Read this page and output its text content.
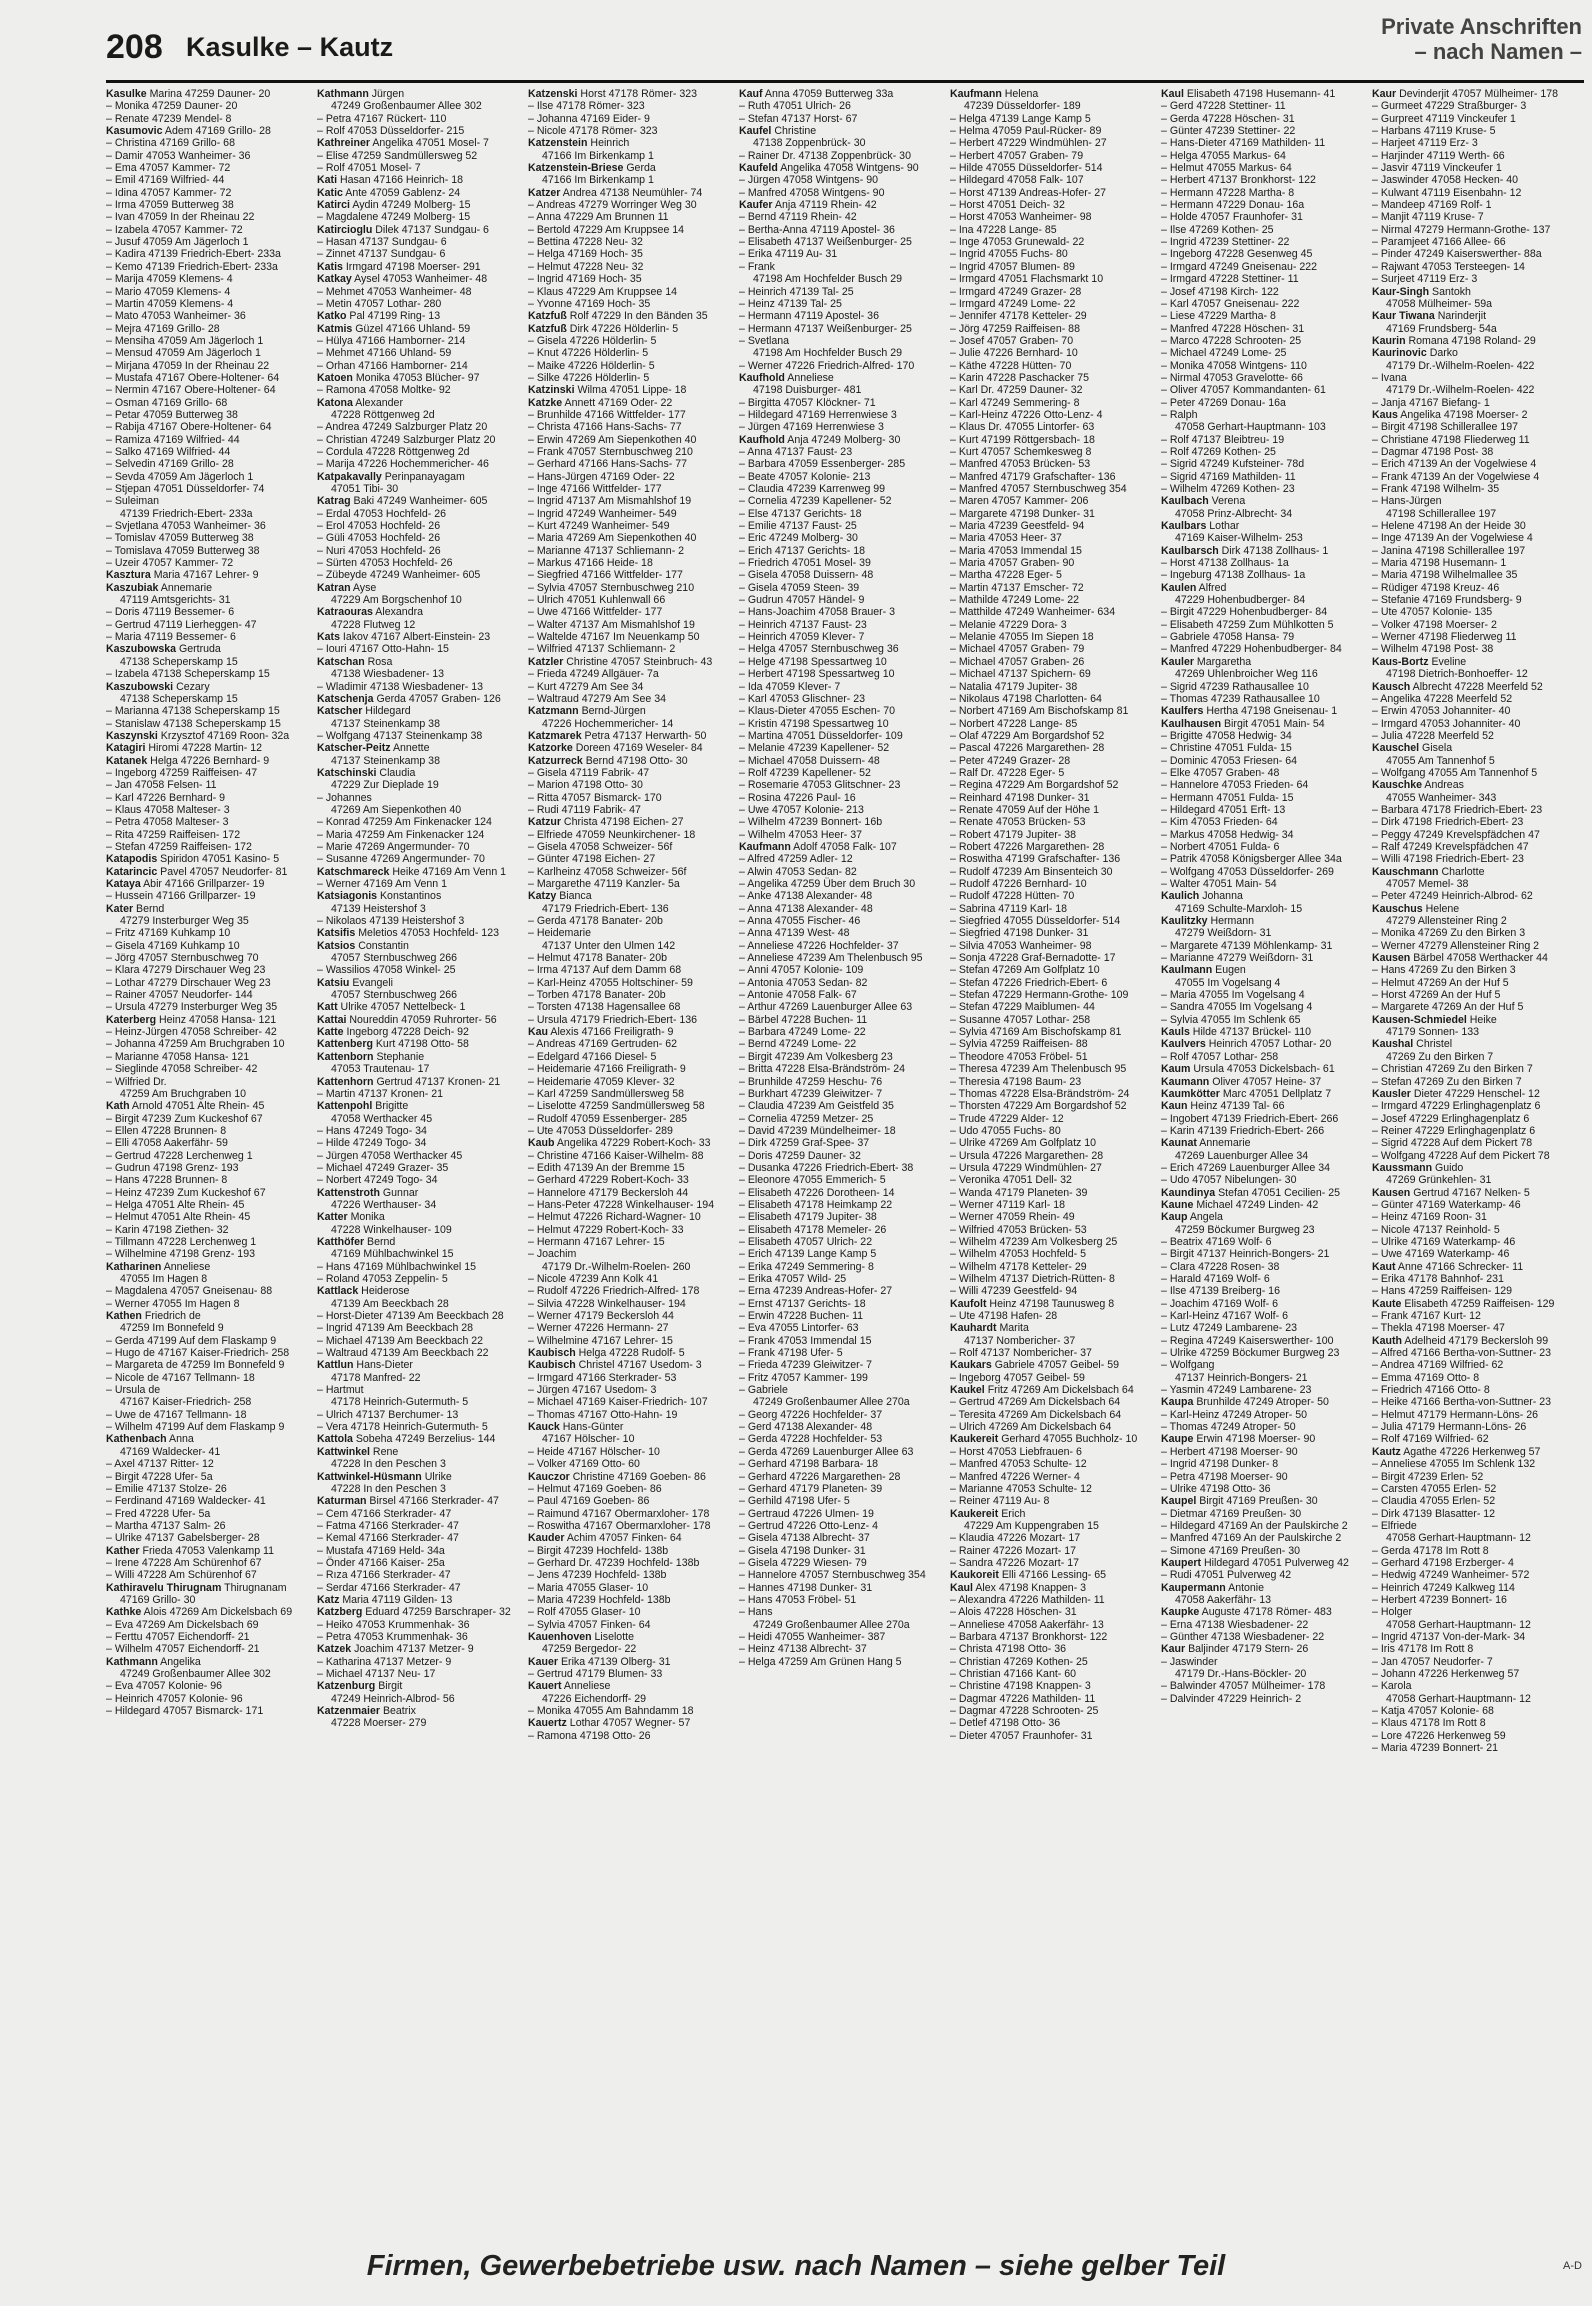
208 Kasulke – Kautz
Private Anschriften
– nach Namen –
Kasulke Marina 47259 Dauner- 20
– Monika 47259 Dauner- 20
– Renate 47239 Mendel- 8
Kasumovic Adem 47169 Grillo- 28
– Christina 47169 Grillo- 68
– Damir 47053 Wanheimer- 36
– Ema 47057 Kammer- 72
– Emil 47169 Wilfried- 44
– Idina 47057 Kammer- 72
– Irma 47059 Butterweg 38
– Ivan 47059 In der Rheinau 22
– Izabela 47057 Kammer- 72
– Jusuf 47059 Am Jägerloch 1
– Kadira 47139 Friedrich-Ebert- 233a
– Kemo 47139 Friedrich-Ebert- 233a
– Marija 47059 Klemens- 4
– Mario 47059 Klemens- 4
– Martin 47059 Klemens- 4
– Mato 47053 Wanheimer- 36
– Mejra 47169 Grillo- 28
– Mensiha 47059 Am Jägerloch 1
– Mensud 47059 Am Jägerloch 1
– Mirjana 47059 In der Rheinau 22
– Mustafa 47167 Obere-Holtener- 64
– Nermin 47167 Obere-Holtener- 64
– Osman 47169 Grillo- 68
– Petar 47059 Butterweg 38
– Rabija 47167 Obere-Holtener- 64
– Ramiza 47169 Wilfried- 44
– Salko 47169 Wilfried- 44
– Selvedin 47169 Grillo- 28
– Sevda 47059 Am Jägerloch 1
– Stjepan 47051 Düsseldorfer- 74
– Suleiman
47139 Friedrich-Ebert- 233a
– Svjetlana 47053 Wanheimer- 36
– Tomislav 47059 Butterweg 38
– Tomislava 47059 Butterweg 38
– Uzeir 47057 Kammer- 72
Kasztura Maria 47167 Lehrer- 9
Kaszubiak Annemarie
47119 Amtsgerichts- 31
– Doris 47119 Bessemer- 6
– Gertrud 47119 Lierheggen- 47
– Maria 47119 Bessemer- 6
Kaszubowska Gertruda
47138 Scheperskamp 15
– Izabela 47138 Scheperskamp 15
Kaszubowski Cezary
47138 Scheperskamp 15
– Marianna 47138 Scheperskamp 15
– Stanislaw 47138 Scheperskamp 15
Kaszynski Krzysztof 47169 Roon- 32a
Katagiri Hiromi 47228 Martin- 12
Katanek Helga 47226 Bernhard- 9
– Ingeborg 47259 Raiffeisen- 47
– Jan 47058 Felsen- 11
– Karl 47226 Bernhard- 9
– Klaus 47058 Malteser- 3
– Petra 47058 Malteser- 3
– Rita 47259 Raiffeisen- 172
– Stefan 47259 Raiffeisen- 172
Katapodis Spiridon 47051 Kasino- 5
Katarincic Pavel 47057 Neudorfer- 81
Kataya Abir 47166 Grillparzer- 19
– Hussein 47166 Grillparzer- 19
Kater Bernd
47279 Insterburger Weg 35
– Fritz 47169 Kuhkamp 10
– Gisela 47169 Kuhkamp 10
– Jörg 47057 Sternbuschweg 70
– Klara 47279 Dirschauer Weg 23
– Lothar 47279 Dirschauer Weg 23
– Rainer 47057 Neudorfer- 144
– Ursula 47279 Insterburger Weg 35
Katerberg Heinz 47058 Hansa- 121
– Heinz-Jürgen 47058 Schreiber- 42
– Johanna 47259 Am Bruchgraben 10
– Marianne 47058 Hansa- 121
– Sieglinde 47058 Schreiber- 42
– Wilfried Dr.
47259 Am Bruchgraben 10
Kath Arnold 47051 Alte Rhein- 45
– Birgit 47239 Zum Kuckeshof 67
– Ellen 47228 Brunnen- 8
– Elli 47058 Aakerfähr- 59
– Gertrud 47228 Lerchenweg 1
– Gudrun 47198 Grenz- 193
– Hans 47228 Brunnen- 8
– Heinz 47239 Zum Kuckeshof 67
– Helga 47051 Alte Rhein- 45
– Helmut 47051 Alte Rhein- 45
– Karin 47198 Ziethen- 32
– Tillmann 47228 Lerchenweg 1
– Wilhelmine 47198 Grenz- 193
Katharinen Anneliese
47055 Im Hagen 8
– Magdalena 47057 Gneisenau- 88
– Werner 47055 Im Hagen 8
Kathen Friedrich de
47259 Im Bonnefeld 9
– Gerda 47199 Auf dem Flaskamp 9
– Hugo de 47167 Kaiser-Friedrich- 258
– Margareta de 47259 Im Bonnefeld 9
– Nicole de 47167 Tellmann- 18
– Ursula de
47167 Kaiser-Friedrich- 258
– Uwe de 47167 Tellmann- 18
– Wilhelm 47199 Auf dem Flaskamp 9
Kathenbach Anna
47169 Waldecker- 41
– Axel 47137 Ritter- 12
– Birgit 47228 Ufer- 5a
– Emilie 47137 Stolze- 26
– Ferdinand 47169 Waldecker- 41
– Fred 47228 Ufer- 5a
– Martha 47137 Salm- 26
– Ulrike 47137 Gabelsberger- 28
Kather Frieda 47053 Valenkamp 11
– Irene 47228 Am Schürenhof 67
– Willi 47228 Am Schürenhof 67
Kathiravelu Thirugnam Thirugnanam
47169 Grillo- 30
Kathke Alois 47269 Am Dickelsbach 69
– Eva 47269 Am Dickelsbach 69
– Ferttu 47057 Eichendorff- 21
– Wilhelm 47057 Eichendorff- 21
Kathmann Angelika
47249 Großenbaumer Allee 302
– Eva 47057 Kolonie- 96
– Heinrich 47057 Kolonie- 96
– Hildegard 47057 Bismarck- 171
Kathmann Jürgen
47249 Großenbaumer Allee 302
– Petra 47167 Rückert- 110
– Rolf 47053 Düsseldorfer- 215
Kathreiner Angelika 47051 Mosel- 7
– Elise 47259 Sandmüllersweg 52
– Rolf 47051 Mosel- 7
Kati Hasan 47166 Heinrich- 18
Katic Ante 47059 Gablenz- 24
Katirci Aydin 47249 Molberg- 15
– Magdalene 47249 Molberg- 15
Katircioglu Dilek 47137 Sundgau- 6
– Hasan 47137 Sundgau- 6
– Zinnet 47137 Sundgau- 6
Katis Irmgard 47198 Moerser- 291
Katkay Aysel 47053 Wanheimer- 48
– Mehmet 47053 Wanheimer- 48
– Metin 47057 Lothar- 280
Katko Pal 47199 Ring- 13
Katmis Güzel 47166 Uhland- 59
– Hülya 47166 Hamborner- 214
– Mehmet 47166 Uhland- 59
– Orhan 47166 Hamborner- 214
Katoen Monika 47053 Blücher- 97
– Ramona 47058 Moltke- 92
Katona Alexander
47228 Röttgenweg 2d
– Andrea 47249 Salzburger Platz 20
– Christian 47249 Salzburger Platz 20
– Cordula 47228 Röttgenweg 2d
– Marija 47226 Hochemmericher- 46
Katpakavally Perinpanayagam
47051 Tibi- 30
Katrag Baki 47249 Wanheimer- 605
– Erdal 47053 Hochfeld- 26
– Erol 47053 Hochfeld- 26
– Güli 47053 Hochfeld- 26
– Nuri 47053 Hochfeld- 26
– Sürten 47053 Hochfeld- 26
– Zübeyde 47249 Wanheimer- 605
Katran Ayse
47229 Am Borgschenhof 10
Katraouras Alexandra
47228 Flutweg 12
Kats Iakov 47167 Albert-Einstein- 23
– Iouri 47167 Otto-Hahn- 15
Katschan Rosa
47138 Wiesbadener- 13
– Wladimir 47138 Wiesbadener- 13
Katschenja Gerda 47057 Graben- 126
Katscher Hildegard
47137 Steinenkamp 38
– Wolfgang 47137 Steinenkamp 38
Katscher-Peitz Annette
47137 Steinenkamp 38
Katschinski Claudia
47229 Zur Dieplade 19
– Johannes
47269 Am Siepenkothen 40
– Konrad 47259 Am Finkenacker 124
– Maria 47259 Am Finkenacker 124
– Marie 47269 Angermunder- 70
– Susanne 47269 Angermunder- 70
Katschmareck Heike 47169 Am Venn 1
– Werner 47169 Am Venn 1
Katsiagonis Konstantinos
47139 Heistershof 3
– Nikolaos 47139 Heistershof 3
Katsifis Meletios 47053 Hochfeld- 123
Katsios Constantin
47057 Sternbuschweg 266
– Wassilios 47058 Winkel- 25
Katsiu Evangeli
47057 Sternbuschweg 266
Katt Ulrike 47057 Nettelbeck- 1
Kattai Noureddin 47059 Ruhrorter- 56
Katte Ingeborg 47228 Deich- 92
Kattenberg Kurt 47198 Otto- 58
Kattenborn Stephanie
47053 Trautenau- 17
Kattenhorn Gertrud 47137 Kronen- 21
– Martin 47137 Kronen- 21
Kattenpohl Brigitte
47058 Werthacker 45
– Hans 47249 Togo- 34
– Hilde 47249 Togo- 34
– Jürgen 47058 Werthacker 45
– Michael 47249 Grazer- 35
– Norbert 47249 Togo- 34
Kattenstroth Gunnar
47226 Werthauser- 34
Katter Monika
47228 Winkelhauser- 109
Katthöfer Bernd
47169 Mühlbachwinkel 15
– Hans 47169 Mühlbachwinkel 15
– Roland 47053 Zeppelin- 5
Kattlack Heiderose
47139 Am Beeckbach 28
– Horst-Dieter 47139 Am Beeckbach 28
– Ingrid 47139 Am Beeckbach 28
– Michael 47139 Am Beeckbach 22
– Waltraud 47139 Am Beeckbach 22
Kattlun Hans-Dieter
47178 Manfred- 22
– Hartmut
47178 Heinrich-Gutermuth- 5
– Ulrich 47137 Berchumer- 13
– Vera 47178 Heinrich-Gutermuth- 5
Kattola Sobeha 47249 Berzelius- 144
Kattwinkel Rene
47228 In den Peschen 3
Kattwinkel-Hüsmann Ulrike
47228 In den Peschen 3
Katurman Birsel 47166 Sterkrader- 47
– Cem 47166 Sterkrader- 47
– Fatma 47166 Sterkrader- 47
– Kemal 47166 Sterkrader- 47
– Mustafa 47169 Held- 34a
– Önder 47166 Kaiser- 25a
– Rıza 47166 Sterkrader- 47
– Serdar 47166 Sterkrader- 47
Katz Maria 47119 Gilden- 13
Katzberg Eduard 47259 Barschraper- 32
– Heiko 47053 Krummenhak- 36
– Petra 47053 Krummenhak- 36
Katzek Joachim 47137 Metzer- 9
– Katharina 47137 Metzer- 9
– Michael 47137 Neu- 17
Katzenburg Birgit
47249 Heinrich-Albrod- 56
Katzenmaier Beatrix
47228 Moerser- 279
Katzenski Horst 47178 Römer- 323
– Ilse 47178 Römer- 323
– Johanna 47169 Eider- 9
– Nicole 47178 Römer- 323
Katzenstein Heinrich
47166 Im Birkenkamp 1
Katzenstein-Briese Gerda
47166 Im Birkenkamp 1
Katzer Andrea 47138 Neumühler- 74
– Andreas 47279 Worringer Weg 30
– Anna 47229 Am Brunnen 11
– Bertold 47229 Am Kruppsee 14
– Bettina 47228 Neu- 32
– Helga 47169 Hoch- 35
– Helmut 47228 Neu- 32
– Ingrid 47169 Hoch- 35
– Klaus 47229 Am Kruppsee 14
– Yvonne 47169 Hoch- 35
Katzfuß Rolf 47229 In den Bänden 35
Katzfuß Dirk 47226 Hölderlin- 5
– Gisela 47226 Hölderlin- 5
– Knut 47226 Hölderlin- 5
– Maike 47226 Hölderlin- 5
– Silke 47226 Hölderlin- 5
Katzinski Wilma 47051 Lippe- 18
Katzke Annett 47169 Oder- 22
– Brunhilde 47166 Wittfelder- 177
– Christa 47166 Hans-Sachs- 77
– Erwin 47269 Am Siepenkothen 40
– Frank 47057 Sternbuschweg 210
– Gerhard 47166 Hans-Sachs- 77
– Hans-Jürgen 47169 Oder- 22
– Inge 47166 Wittfelder- 177
– Ingrid 47137 Am Mismahlshof 19
– Ingrid 47249 Wanheimer- 549
– Kurt 47249 Wanheimer- 549
– Maria 47269 Am Siepenkothen 40
– Marianne 47137 Schliemann- 2
– Markus 47166 Heide- 18
– Siegfried 47166 Wittfelder- 177
– Sylvia 47057 Sternbuschweg 210
– Ulrich 47051 Kuhlenwall 66
– Uwe 47166 Wittfelder- 177
– Walter 47137 Am Mismahlshof 19
– Waltelde 47167 Im Neuenkamp 50
– Wilfried 47137 Schliemann- 2
Katzler Christine 47057 Steinbruch- 43
– Frieda 47249 Allgäuer- 7a
– Kurt 47279 Am See 34
– Waltraud 47279 Am See 34
Katzmann Bernd-Jürgen
47226 Hochemmericher- 14
Katzmarek Petra 47137 Herwarth- 50
Katzorke Doreen 47169 Weseler- 84
Katzurreck Bernd 47198 Otto- 30
– Gisela 47119 Fabrik- 47
– Marion 47198 Otto- 30
– Ritta 47057 Bismarck- 170
– Rudi 47119 Fabrik- 47
Katzur Christa 47198 Eichen- 27
– Elfriede 47059 Neunkirchener- 18
– Gisela 47058 Schweizer- 56f
– Günter 47198 Eichen- 27
– Karlheinz 47058 Schweizer- 56f
– Margarethe 47119 Kanzler- 5a
Katzy Bianca
47179 Friedrich-Ebert- 136
– Gerda 47178 Banater- 20b
– Heidemarie
47137 Unter den Ulmen 142
– Helmut 47178 Banater- 20b
– Irma 47137 Auf dem Damm 68
– Karl-Heinz 47055 Holtschiner- 59
– Torben 47178 Banater- 20b
– Torsten 47138 Hagensallee 68
– Ursula 47179 Friedrich-Ebert- 136
Kau Alexis 47166 Freiligrath- 9
– Andreas 47169 Gertruden- 62
– Edelgard 47166 Diesel- 5
– Heidemarie 47166 Freiligrath- 9
– Heidemarie 47059 Klever- 32
– Karl 47259 Sandmüllersweg 58
– Liselotte 47259 Sandmüllersweg 58
– Rudolf 47059 Essenberger- 285
– Ute 47053 Düsseldorfer- 289
Kaub Angelika 47229 Robert-Koch- 33
– Christine 47166 Kaiser-Wilhelm- 88
– Edith 47139 An der Bremme 15
– Gerhard 47229 Robert-Koch- 33
– Hannelore 47179 Beckersloh 44
– Hans-Peter 47228 Winkelhauser- 194
– Helmut 47226 Richard-Wagner- 10
– Helmut 47229 Robert-Koch- 33
– Hermann 47167 Lehrer- 15
– Joachim
47179 Dr.-Wilhelm-Roelen- 260
– Nicole 47239 Ann Kolk 41
– Rudolf 47226 Friedrich-Alfred- 178
– Silvia 47228 Winkelhauser- 194
– Werner 47179 Beckersloh 44
– Werner 47226 Hermann- 27
– Wilhelmine 47167 Lehrer- 15
Kaubisch Helga 47228 Rudolf- 5
Kaubisch Christel 47167 Usedom- 3
– Irmgard 47166 Sterkrader- 53
– Jürgen 47167 Usedom- 3
– Michael 47169 Kaiser-Friedrich- 107
– Thomas 47167 Otto-Hahn- 19
Kauck Hans-Günter
47167 Hölscher- 10
– Heide 47167 Hölscher- 10
– Volker 47169 Otto- 60
Kauczor Christine 47169 Goeben- 86
– Helmut 47169 Goeben- 86
– Paul 47169 Goeben- 86
– Raimund 47167 Obermarxloher- 178
– Roswitha 47167 Obermarxloher- 178
Kauder Achim 47057 Finken- 64
– Birgit 47239 Hochfeld- 138b
– Gerhard Dr. 47239 Hochfeld- 138b
– Jens 47239 Hochfeld- 138b
– Maria 47055 Glaser- 10
– Maria 47239 Hochfeld- 138b
– Rolf 47055 Glaser- 10
– Sylvia 47057 Finken- 64
Kauenhoven Liselotte
47259 Bergedor- 22
Kauer Erika 47139 Olberg- 31
– Gertrud 47179 Blumen- 33
Kauert Anneliese
47226 Eichendorff- 29
– Monika 47055 Am Bahndamm 18
Kauertz Lothar 47057 Wegner- 57
– Ramona 47198 Otto- 26
Kauf Anna 47059 Butterweg 33a
– Ruth 47051 Ulrich- 26
– Stefan 47137 Horst- 67
Kaufel Christine
47138 Zoppenbrück- 30
– Rainer Dr. 47138 Zoppenbrück- 30
Kaufeld Angelika 47058 Wintgens- 90
– Jürgen 47058 Wintgens- 90
– Manfred 47058 Wintgens- 90
Kaufer Anja 47119 Rhein- 42
– Bernd 47119 Rhein- 42
– Bertha-Anna 47119 Apostel- 36
– Elisabeth 47137 Weißenburger- 25
– Erika 47119 Au- 31
– Frank
47198 Am Hochfelder Busch 29
– Heinrich 47139 Tal- 25
– Heinz 47139 Tal- 25
– Hermann 47119 Apostel- 36
– Hermann 47137 Weißenburger- 25
– Svetlana
47198 Am Hochfelder Busch 29
– Werner 47226 Friedrich-Alfred- 170
Kaufhold Anneliese
47198 Duisburger- 481
– Birgitta 47057 Klöckner- 71
– Hildegard 47169 Herrenwiese 3
– Jürgen 47169 Herrenwiese 3
Kaufhold Anja 47249 Molberg- 30
– Anna 47137 Faust- 23
– Barbara 47059 Essenberger- 285
– Beate 47057 Kolonie- 213
– Claudia 47239 Karrenweg 99
– Cornelia 47239 Kapellener- 52
– Else 47137 Gerichts- 18
– Emilie 47137 Faust- 25
– Eric 47249 Molberg- 30
– Erich 47137 Gerichts- 18
– Friedrich 47051 Mosel- 39
– Gisela 47058 Duissern- 48
– Gisela 47059 Steen- 39
– Gudrun 47057 Händel- 9
– Hans-Joachim 47058 Brauer- 3
– Heinrich 47137 Faust- 23
– Heinrich 47059 Klever- 7
– Helga 47057 Sternbuschweg 36
– Helge 47198 Spessartweg 10
– Herbert 47198 Spessartweg 10
– Ida 47059 Klever- 7
– Karl 47053 Glischner- 23
– Klaus-Dieter 47055 Eschen- 70
– Kristin 47198 Spessartweg 10
– Martina 47051 Düsseldorfer- 109
– Melanie 47239 Kapellener- 52
– Michael 47058 Duissern- 48
– Rolf 47239 Kapellener- 52
– Rosemarie 47053 Glitschner- 23
– Rosina 47226 Paul- 16
– Uwe 47057 Kolonie- 213
– Wilhelm 47239 Bonnert- 16b
– Wilhelm 47053 Heer- 37
Kaufmann Adolf 47058 Falk- 107
– Alfred 47259 Adler- 12
– Alwin 47053 Sedan- 82
– Angelika 47259 Über dem Bruch 30
– Anke 47138 Alexander- 48
– Anna 47138 Alexander- 48
– Anna 47055 Fischer- 46
– Anna 47139 West- 48
– Anneliese 47226 Hochfelder- 37
– Anneliese 47239 Am Thelenbusch 95
– Anni 47057 Kolonie- 109
– Antonia 47053 Sedan- 82
– Antonie 47058 Falk- 67
– Arthur 47269 Lauenburger Allee 63
– Bärbel 47228 Buchen- 11
– Barbara 47249 Lome- 22
– Bernd 47249 Lome- 22
– Birgit 47239 Am Volkesberg 23
– Britta 47228 Elsa-Brändström- 24
– Brunhilde 47259 Heschu- 76
– Burkhart 47239 Gleiwitzer- 7
– Claudia 47239 Am Geistfeld 35
– Cornelia 47259 Metzer- 25
– David 47239 Mündelheimer- 18
– Dirk 47259 Graf-Spee- 37
– Doris 47259 Dauner- 32
– Dusanka 47226 Friedrich-Ebert- 38
– Eleonore 47055 Emmerich- 5
– Elisabeth 47226 Dorotheen- 14
– Elisabeth 47178 Heimkamp 22
– Elisabeth 47179 Jupiter- 38
– Elisabeth 47178 Memeler- 26
– Elisabeth 47057 Ulrich- 22
– Erich 47139 Lange Kamp 5
– Erika 47249 Semmering- 8
– Erika 47057 Wild- 25
– Erna 47239 Andreas-Hofer- 27
– Ernst 47137 Gerichts- 18
– Erwin 47228 Buchen- 11
– Eva 47055 Lintorfer- 63
– Frank 47053 Immendal 15
– Frank 47198 Ufer- 5
– Frieda 47239 Gleiwitzer- 7
– Fritz 47057 Kammer- 199
– Gabriele
47249 Großenbaumer Allee 270a
– Georg 47226 Hochfelder- 37
– Gerd 47138 Alexander- 48
– Gerda 47228 Hochfelder- 53
– Gerda 47269 Lauenburger Allee 63
– Gerhard 47198 Barbara- 18
– Gerhard 47226 Margarethen- 28
– Gerhard 47179 Planeten- 39
– Gerhild 47198 Ufer- 5
– Gertraud 47226 Ulmen- 19
– Gertrud 47226 Otto-Lenz- 4
– Gisela 47138 Albrecht- 37
– Gisela 47198 Dunker- 31
– Gisela 47229 Wiesen- 79
– Hannelore 47057 Sternbuschweg 354
– Hannes 47198 Dunker- 31
– Hans 47053 Fröbel- 51
– Hans
47249 Großenbaumer Allee 270a
– Heidi 47055 Wanheimer- 387
– Heinz 47138 Albrecht- 37
– Helga 47259 Am Grünen Hang 5
Kaufmann Helena
47239 Düsseldorfer- 189
– Helga 47139 Lange Kamp 5
– Helma 47059 Paul-Rücker- 89
– Herbert 47229 Windmühlen- 27
– Herbert 47057 Graben- 79
– Hilde 47055 Düsseldorfer- 514
– Hildegard 47058 Falk- 107
– Horst 47139 Andreas-Hofer- 27
– Horst 47051 Deich- 32
– Horst 47053 Wanheimer- 98
– Ina 47228 Lange- 85
– Inge 47053 Grunewald- 22
– Ingrid 47055 Fuchs- 80
– Ingrid 47057 Blumen- 89
– Irmgard 47051 Flachsmarkt 10
– Irmgard 47249 Grazer- 28
– Irmgard 47249 Lome- 22
– Jennifer 47178 Ketteler- 29
– Jörg 47259 Raiffeisen- 88
– Josef 47057 Graben- 70
– Julie 47226 Bernhard- 10
– Käthe 47228 Hütten- 70
– Karin 47228 Paschacker 75
– Karl Dr. 47259 Dauner- 32
– Karl 47249 Semmering- 8
– Karl-Heinz 47226 Otto-Lenz- 4
– Klaus Dr. 47055 Lintorfer- 63
– Kurt 47199 Röttgersbach- 18
– Kurt 47057 Schemkesweg 8
– Manfred 47053 Brücken- 53
– Manfred 47179 Grafschafter- 136
– Manfred 47057 Sternbuschweg 354
– Maren 47057 Kammer- 206
– Margarete 47198 Dunker- 31
– Maria 47239 Geestfeld- 94
– Maria 47053 Heer- 37
– Maria 47053 Immendal 15
– Maria 47057 Graben- 90
– Martha 47228 Eger- 5
– Martin 47137 Emscher- 72
– Mathilde 47249 Lome- 22
– Matthilde 47249 Wanheimer- 634
– Melanie 47229 Dora- 3
– Melanie 47055 Im Siepen 18
– Michael 47057 Graben- 79
– Michael 47057 Graben- 26
– Michael 47137 Spichern- 69
– Natalia 47179 Jupiter- 38
– Nikolaus 47198 Charlotten- 64
– Norbert 47169 Am Bischofskamp 81
– Norbert 47228 Lange- 85
– Olaf 47229 Am Borgardshof 52
– Pascal 47226 Margarethen- 28
– Peter 47249 Grazer- 28
– Ralf Dr. 47228 Eger- 5
– Regina 47229 Am Borgardshof 52
– Reinhard 47198 Dunker- 31
– Renate 47059 Auf der Höhe 1
– Renate 47053 Brücken- 53
– Robert 47179 Jupiter- 38
– Robert 47226 Margarethen- 28
– Roswitha 47199 Grafschafter- 136
– Rudolf 47239 Am Binsenteich 30
– Rudolf 47226 Bernhard- 10
– Rudolf 47228 Hütten- 70
– Sabrina 47119 Karl- 18
– Siegfried 47055 Düsseldorfer- 514
– Siegfried 47198 Dunker- 31
– Silvia 47053 Wanheimer- 98
– Sonja 47228 Graf-Bernadotte- 17
– Stefan 47269 Am Golfplatz 10
– Stefan 47226 Friedrich-Ebert- 6
– Stefan 47229 Hermann-Grothe- 109
– Stefan 47229 Maiblumen- 44
– Susanne 47057 Lothar- 258
– Sylvia 47169 Am Bischofskamp 81
– Sylvia 47259 Raiffeisen- 88
– Theodore 47053 Fröbel- 51
– Theresa 47239 Am Thelenbusch 95
– Theresia 47198 Baum- 23
– Thomas 47228 Elsa-Brändström- 24
– Thorsten 47229 Am Borgardshof 52
– Trude 47229 Alder- 12
– Udo 47055 Fuchs- 80
– Ulrike 47269 Am Golfplatz 10
– Ursula 47226 Margarethen- 28
– Ursula 47229 Windmühlen- 27
– Veronika 47051 Dell- 32
– Wanda 47179 Planeten- 39
– Werner 47119 Karl- 18
– Werner 47059 Rhein- 49
– Wilfried 47053 Brücken- 53
– Wilhelm 47239 Am Volkesberg 25
– Wilhelm 47053 Hochfeld- 5
– Wilhelm 47178 Ketteler- 29
– Wilhelm 47137 Dietrich-Rütten- 8
– Willi 47239 Geestfeld- 94
Kaufolt Heinz 47198 Taunusweg 8
– Ute 47198 Hafen- 28
Kauhardt Marita
47137 Nombericher- 37
– Rolf 47137 Nombericher- 37
Kaukars Gabriele 47057 Geibel- 59
– Ingeborg 47057 Geibel- 59
Kaukel Fritz 47269 Am Dickelsbach 64
– Gertrud 47269 Am Dickelsbach 64
– Teresita 47269 Am Dickelsbach 64
– Ulrich 47269 Am Dickelsbach 64
Kaukereit Gerhard 47055 Buchholz- 10
– Horst 47053 Liebfrauen- 6
– Manfred 47053 Schulte- 12
– Manfred 47226 Werner- 4
– Marianne 47053 Schulte- 12
– Reiner 47119 Au- 8
Kaukereit Erich
47229 Am Kuppengraben 15
– Klaudia 47226 Mozart- 17
– Rainer 47226 Mozart- 17
– Sandra 47226 Mozart- 17
Kaukoreit Elli 47166 Lessing- 65
Kaul Alex 47198 Knappen- 3
– Alexandra 47226 Mathilden- 11
– Alois 47228 Höschen- 31
– Anneliese 47058 Aakerfähr- 13
– Barbara 47137 Bronkhorst- 122
– Christa 47198 Otto- 36
– Christian 47269 Kothen- 25
– Christian 47166 Kant- 60
– Christine 47198 Knappen- 3
– Dagmar 47226 Mathilden- 11
– Dagmar 47228 Schrooten- 25
– Detlef 47198 Otto- 36
– Dieter 47057 Fraunhofer- 31
Kaul Elisabeth 47198 Husemann- 41
– Gerd 47228 Stettiner- 11
– Gerda 47228 Höschen- 31
– Günter 47239 Stettiner- 22
– Hans-Dieter 47169 Mathilden- 11
– Helga 47055 Markus- 64
– Helmut 47055 Markus- 64
– Herbert 47137 Bronkhorst- 122
– Hermann 47228 Martha- 8
– Hermann 47229 Donau- 16a
– Holde 47057 Fraunhofer- 31
– Ilse 47269 Kothen- 25
– Ingrid 47239 Stettiner- 22
– Ingeborg 47228 Gesenweg 45
– Irmgard 47249 Gneisenau- 222
– Irmgard 47228 Stettiner- 11
– Josef 47198 Kirch- 122
– Karl 47057 Gneisenau- 222
– Liese 47229 Martha- 8
– Manfred 47228 Höschen- 31
– Marco 47228 Schrooten- 25
– Michael 47249 Lome- 25
– Monika 47058 Wintgens- 110
– Nirmal 47053 Gravelotte- 66
– Oliver 47057 Kommandanten- 61
– Peter 47269 Donau- 16a
– Ralph
47058 Gerhart-Hauptmann- 103
– Rolf 47137 Bleibtreu- 19
– Rolf 47269 Kothen- 25
– Sigrid 47249 Kufsteiner- 78d
– Sigrid 47169 Mathilden- 11
– Wilhelm 47269 Kothen- 23
Kaulbach Verena
47058 Prinz-Albrecht- 34
Kaulbars Lothar
47169 Kaiser-Wilhelm- 253
Kaulbarsch Dirk 47138 Zollhaus- 1
– Horst 47138 Zollhaus- 1a
– Ingeburg 47138 Zollhaus- 1a
Kaulen Alfred
47229 Hohenbudberger- 84
– Birgit 47229 Hohenbudberger- 84
– Elisabeth 47259 Zum Mühlkotten 5
– Gabriele 47058 Hansa- 79
– Manfred 47229 Hohenbudberger- 84
Kauler Margaretha
47269 Uhlenbroicher Weg 116
– Sigrid 47239 Rathausallee 10
– Thomas 47239 Rathausallee 10
Kaulfers Hertha 47198 Gneisenau- 1
Kaulhausen Birgit 47051 Main- 54
– Brigitte 47058 Hedwig- 34
– Christine 47051 Fulda- 15
– Dominic 47053 Friesen- 64
– Elke 47057 Graben- 48
– Hannelore 47053 Frieden- 64
– Hermann 47051 Fulda- 15
– Hildegard 47051 Erft- 13
– Kim 47053 Frieden- 64
– Markus 47058 Hedwig- 34
– Norbert 47051 Fulda- 6
– Patrik 47058 Königsberger Allee 34a
– Wolfgang 47053 Düsseldorfer- 269
– Walter 47051 Main- 54
Kaulich Johanna
47169 Schulte-Marxloh- 15
Kaulitzky Hermann
47279 Weißdorn- 31
– Margarete 47139 Möhlenkamp- 31
– Marianne 47279 Weißdorn- 31
Kaulmann Eugen
47055 Im Vogelsang 4
– Maria 47055 Im Vogelsang 4
– Sandra 47055 Im Vogelsang 4
– Sylvia 47055 Im Schlenk 65
Kauls Hilde 47137 Brückel- 110
Kaulvers Heinrich 47057 Lothar- 20
– Rolf 47057 Lothar- 258
Kaum Ursula 47053 Dickelsbach- 61
Kaumann Oliver 47057 Heine- 37
Kaumkötter Marc 47051 Dellplatz 7
Kaun Heinz 47139 Tal- 66
– Ingobert 47139 Friedrich-Ebert- 266
– Karin 47139 Friedrich-Ebert- 266
Kaunat Annemarie
47269 Lauenburger Allee 34
– Erich 47269 Lauenburger Allee 34
– Udo 47057 Nibelungen- 30
Kaundinya Stefan 47051 Cecilien- 25
Kaune Michael 47249 Linden- 42
Kaup Angela
47259 Böckumer Burgweg 23
– Beatrix 47169 Wolf- 6
– Birgit 47137 Heinrich-Bongers- 21
– Clara 47228 Rosen- 38
– Harald 47169 Wolf- 6
– Ilse 47139 Breiberg- 16
– Joachim 47169 Wolf- 6
– Karl-Heinz 47167 Wolf- 6
– Lutz 47249 Lambarene- 23
– Regina 47249 Kaiserswerther- 100
– Ulrike 47259 Böckumer Burgweg 23
– Wolfgang
47137 Heinrich-Bongers- 21
– Yasmin 47249 Lambarene- 23
Kaupa Brunhilde 47249 Atroper- 50
– Karl-Heinz 47249 Atroper- 50
– Thomas 47249 Atroper- 50
Kaupe Erwin 47198 Moerser- 90
– Herbert 47198 Moerser- 90
– Ingrid 47198 Dunker- 8
– Petra 47198 Moerser- 90
– Ulrike 47198 Otto- 36
Kaupel Birgit 47169 Preußen- 30
– Dietmar 47169 Preußen- 30
– Hildegard 47169 An der Paulskirche 2
– Manfred 47169 An der Paulskirche 2
– Simone 47169 Preußen- 30
Kaupert Hildegard 47051 Pulverweg 42
– Rudi 47051 Pulverweg 42
Kaupermann Antonie
47058 Aakerfähr- 13
Kaupke Auguste 47178 Römer- 483
– Erna 47138 Wiesbadener- 22
– Günther 47138 Wiesbadener- 22
Kaur Baljinder 47179 Stern- 26
– Jaswinder
47179 Dr.-Hans-Böckler- 20
– Balwinder 47057 Mülheimer- 178
– Dalvinder 47229 Heinrich- 2
Kaur Devinderjit 47057 Mülheimer- 178
– Gurmeet 47229 Straßburger- 3
– Gurpreet 47119 Vinckeufer 1
– Harbans 47119 Kruse- 5
– Harjeet 47119 Erz- 3
– Harjinder 47119 Werth- 66
– Jasvir 47119 Vinckeufer 1
– Jaswinder 47058 Hecken- 40
– Kulwant 47119 Eisenbahn- 12
– Mandeep 47169 Rolf- 1
– Manjit 47119 Kruse- 7
– Nirmal 47279 Hermann-Grothe- 137
– Paramjeet 47166 Allee- 66
– Pinder 47249 Kaiserswerther- 88a
– Rajwant 47053 Tersteegen- 14
– Surjeet 47119 Erz- 3
Kaur-Singh Santokh
47058 Mülheimer- 59a
Kaur Tiwana Narinderjit
47169 Frundsberg- 54a
Kaurin Romana 47198 Roland- 29
Kaurinovic Darko
47179 Dr.-Wilhelm-Roelen- 422
– Ivana
47179 Dr.-Wilhelm-Roelen- 422
– Janja 47167 Biefang- 1
Kaus Angelika 47198 Moerser- 2
– Birgit 47198 Schillerallee 197
– Christiane 47198 Fliederweg 11
– Dagmar 47198 Post- 38
– Erich 47139 An der Vogelwiese 4
– Frank 47139 An der Vogelwiese 4
– Frank 47198 Wilhelm- 35
– Hans-Jürgen
47198 Schillerallee 197
– Helene 47198 An der Heide 30
– Inge 47139 An der Vogelwiese 4
– Janina 47198 Schillerallee 197
– Maria 47198 Husemann- 1
– Maria 47198 Wilhelmallee 35
– Rüdiger 47198 Kreuz- 46
– Stefanie 47169 Frundsberg- 9
– Ute 47057 Kolonie- 135
– Volker 47198 Moerser- 2
– Werner 47198 Fliederweg 11
– Wilhelm 47198 Post- 38
Kaus-Bortz Eveline
47198 Dietrich-Bonhoeffer- 12
Kausch Albrecht 47228 Meerfeld 52
– Angelika 47228 Meerfeld 52
– Erwin 47053 Johanniter- 40
– Irmgard 47053 Johanniter- 40
– Julia 47228 Meerfeld 52
Kauschel Gisela
47055 Am Tannenhof 5
– Wolfgang 47055 Am Tannenhof 5
Kauschke Andreas
47055 Wanheimer- 343
– Barbara 47178 Friedrich-Ebert- 23
– Dirk 47198 Friedrich-Ebert- 23
– Peggy 47249 Krevelspfädchen 47
– Ralf 47249 Krevelspfädchen 47
– Willi 47198 Friedrich-Ebert- 23
Kauschmann Charlotte
47057 Memel- 38
– Peter 47249 Heinrich-Albrod- 62
Kauschus Helene
47279 Allensteiner Ring 2
– Monika 47269 Zu den Birken 3
– Werner 47279 Allensteiner Ring 2
Kausen Bärbel 47058 Werthacker 44
– Hans 47269 Zu den Birken 3
– Helmut 47269 An der Huf 5
– Horst 47269 An der Huf 5
– Margarete 47269 An der Huf 5
Kausen-Schmiedel Heike
47179 Sonnen- 133
Kaushal Christel
47269 Zu den Birken 7
– Christian 47269 Zu den Birken 7
– Stefan 47269 Zu den Birken 7
Kausler Dieter 47229 Henschel- 12
– Irmgard 47229 Erlinghagenplatz 6
– Josef 47229 Erlinghagenplatz 6
– Reiner 47229 Erlinghagenplatz 6
– Sigrid 47228 Auf dem Pickert 78
– Wolfgang 47228 Auf dem Pickert 78
Kaussmann Guido
47269 Grünkehlen- 31
Kausen Gertrud 47167 Nelken- 5
– Günter 47169 Waterkamp- 46
– Heinz 47169 Roon- 31
– Nicole 47137 Reinhold- 5
– Ulrike 47169 Waterkamp- 46
– Uwe 47169 Waterkamp- 46
Kaut Anne 47166 Schrecker- 11
– Erika 47178 Bahnhof- 231
– Hans 47259 Raiffeisen- 129
Kaute Elisabeth 47259 Raiffeisen- 129
– Frank 47167 Kurt- 12
– Thekla 47198 Moerser- 47
Kauth Adelheid 47179 Beckersloh 99
– Alfred 47166 Bertha-von-Suttner- 23
– Andrea 47169 Wilfried- 62
– Emma 47169 Otto- 8
– Friedrich 47166 Otto- 8
– Heike 47166 Bertha-von-Suttner- 23
– Helmut 47179 Hermann-Löns- 26
– Julia 47179 Hermann-Löns- 26
– Rolf 47169 Wilfried- 62
Kautz Agathe 47226 Herkenweg 57
– Anneliese 47055 Im Schlenk 132
– Birgit 47239 Erlen- 52
– Carsten 47055 Erlen- 52
– Claudia 47055 Erlen- 52
– Dirk 47139 Blasatter- 12
– Elfriede
47058 Gerhart-Hauptmann- 12
– Gerda 47178 Im Rott 8
– Gerhard 47198 Erzberger- 4
– Hedwig 47249 Wanheimer- 572
– Heinrich 47249 Kalkweg 114
– Herbert 47239 Bonnert- 16
– Holger
47058 Gerhart-Hauptmann- 12
– Ingrid 47137 Von-der-Mark- 34
– Iris 47178 Im Rott 8
– Jan 47057 Neudorfer- 7
– Johann 47226 Herkenweg 57
– Karola
47058 Gerhart-Hauptmann- 12
– Katja 47057 Kolonie- 68
– Klaus 47178 Im Rott 8
– Lore 47226 Herkenweg 59
– Maria 47239 Bonnert- 21
Firmen, Gewerbebetriebe usw. nach Namen – siehe gelber Teil	A-D
